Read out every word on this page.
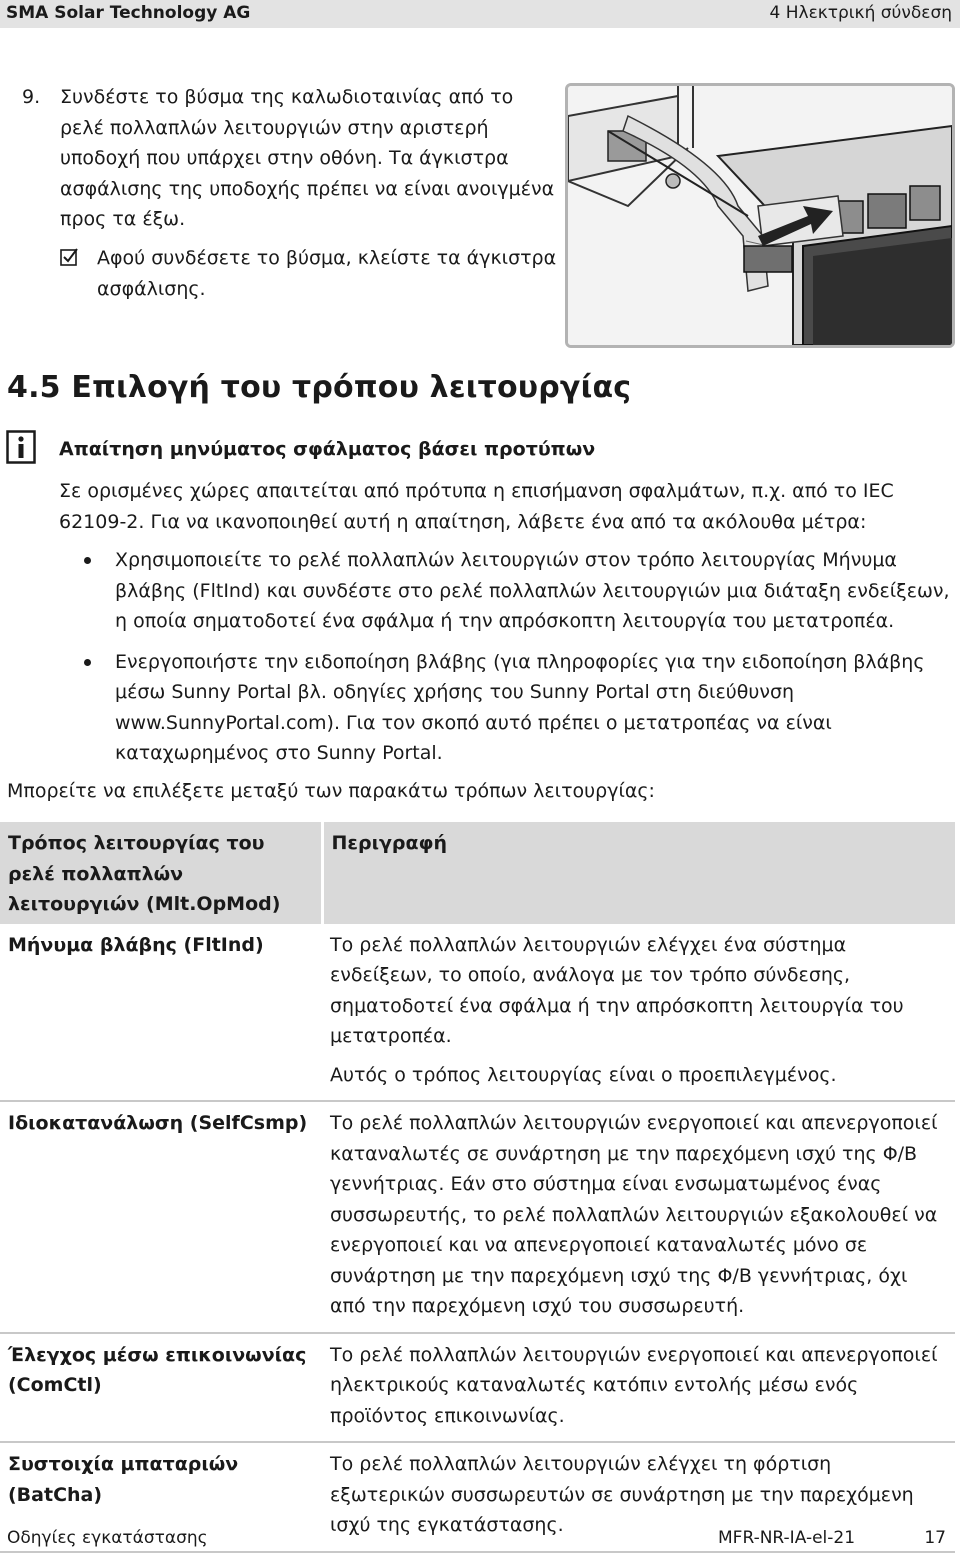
SMA Solar Technology AG	4 Ηλεκτρική σύνδεση
9.	Συνδέστε το βύσμα της καλωδιοταινίας από το ρελέ πολλαπλών λειτουργιών στην αριστερή υποδοχή που υπάρχει στην οθόνη. Τα άγκιστρα ασφάλισης της υποδοχής πρέπει να είναι ανοιγμένα προς τα έξω.
Αφού συνδέσετε το βύσμα, κλείστε τα άγκιστρα
ασφάλισης.
4.5 Επιλογή του τρόπου λειτουργίας
Απαίτηση μηνύματος σφάλματος βάσει προτύπων
Σε ορισμένες χώρες απαιτείται από πρότυπα η επισήμανση σφαλμάτων, π.χ. από το IEC 62109-2. Για να ικανοποιηθεί αυτή η απαίτηση, λάβετε ένα από τα ακόλουθα μέτρα:
Χρησιμοποιείτε το ρελέ πολλαπλών λειτουργιών στον τρόπο λειτουργίας Μήνυμα βλάβης (FltInd) και συνδέστε στο ρελέ πολλαπλών λειτουργιών μια διάταξη ενδείξεων, η οποία σηματοδοτεί ένα σφάλμα ή την απρόσκοπτη λειτουργία του μετατροπέα.
Ενεργοποιήστε την ειδοποίηση βλάβης (για πληροφορίες για την ειδοποίηση βλάβης μέσω Sunny Portal βλ. οδηγίες χρήσης του Sunny Portal στη διεύθυνση www.SunnyPortal.com). Για τον σκοπό αυτό πρέπει ο μετατροπέας να είναι καταχωρημένος στο Sunny Portal.
Μπορείτε να επιλέξετε μεταξύ των παρακάτω τρόπων λειτουργίας:
Τρόπος λειτουργίας του ρελέ πολλαπλών λειτουργιών (Mlt.OpMod)	Περιγραφή
Μήνυμα βλάβης (FltInd)	Το ρελέ πολλαπλών λειτουργιών ελέγχει ένα σύστημα ενδείξεων, το οποίο, ανάλογα με τον τρόπο σύνδεσης, σηματοδοτεί ένα σφάλμα ή την απρόσκοπτη λειτουργία του μετατροπέα.

Αυτός ο τρόπος λειτουργίας είναι ο προεπιλεγμένος.

Ιδιοκατανάλωση (SelfCsmp)	Το ρελέ πολλαπλών λειτουργιών ενεργοποιεί και απενεργοποιεί καταναλωτές σε συνάρτηση με την παρεχόμενη ισχύ της Φ/Β γεννήτριας. Εάν στο σύστημα είναι ενσωματωμένος ένας συσσωρευτής, το ρελέ πολλαπλών λειτουργιών εξακολουθεί να ενεργοποιεί και να απενεργοποιεί καταναλωτές μόνο σε συνάρτηση με την παρεχόμενη ισχύ της Φ/Β γεννήτριας, όχι από την παρεχόμενη ισχύ του συσσωρευτή.

Έλεγχος μέσω επικοινωνίας (ComCtl)	Το ρελέ πολλαπλών λειτουργιών ενεργοποιεί και απενεργοποιεί ηλεκτρικούς καταναλωτές κατόπιν εντολής μέσω ενός προϊόντος επικοινωνίας.

Συστοιχία μπαταριών (BatCha)	Το ρελέ πολλαπλών λειτουργιών ελέγχει τη φόρτιση εξωτερικών συσσωρευτών σε συνάρτηση με την παρεχόμενη ισχύ της εγκατάστασης.

Οδηγίες εγκατάστασης	MFR-NR-IA-el-21	17
